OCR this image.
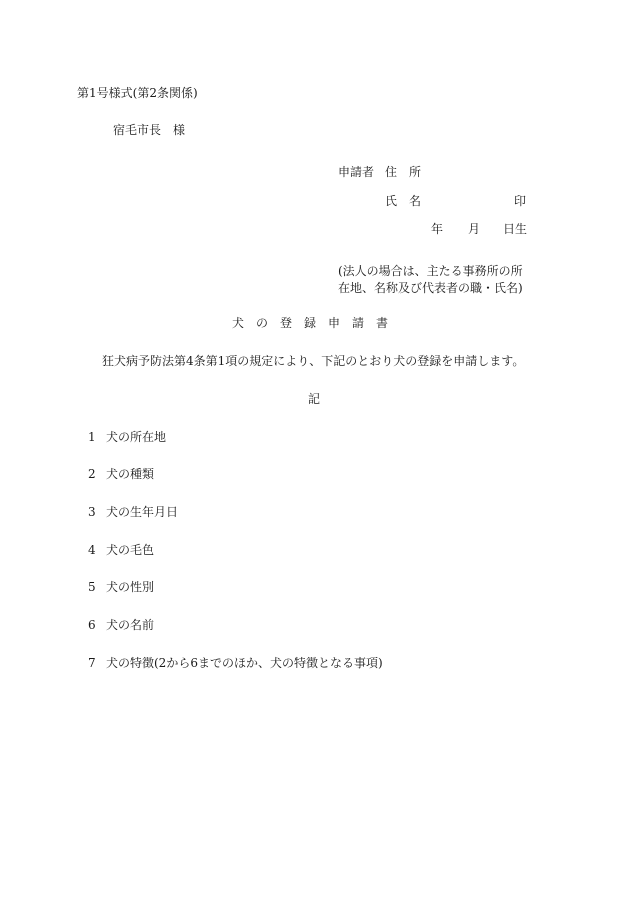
第1号様式(第2条関係)
宿毛市長　様
申請者 住　所
氏　名	印
年 月 日生
(法人の場合は、主たる事務所の所
在地、名称及び代表者の職・氏名)
犬　の　登　録　申　請　書
狂犬病予防法第4条第1項の規定により、下記のとおり犬の登録を申請します。
記
1 犬の所在地
2 犬の種類
3 犬の生年月日
4 犬の毛色
5 犬の性別
6 犬の名前
7 犬の特徴(2から6までのほか、犬の特徴となる事項)
